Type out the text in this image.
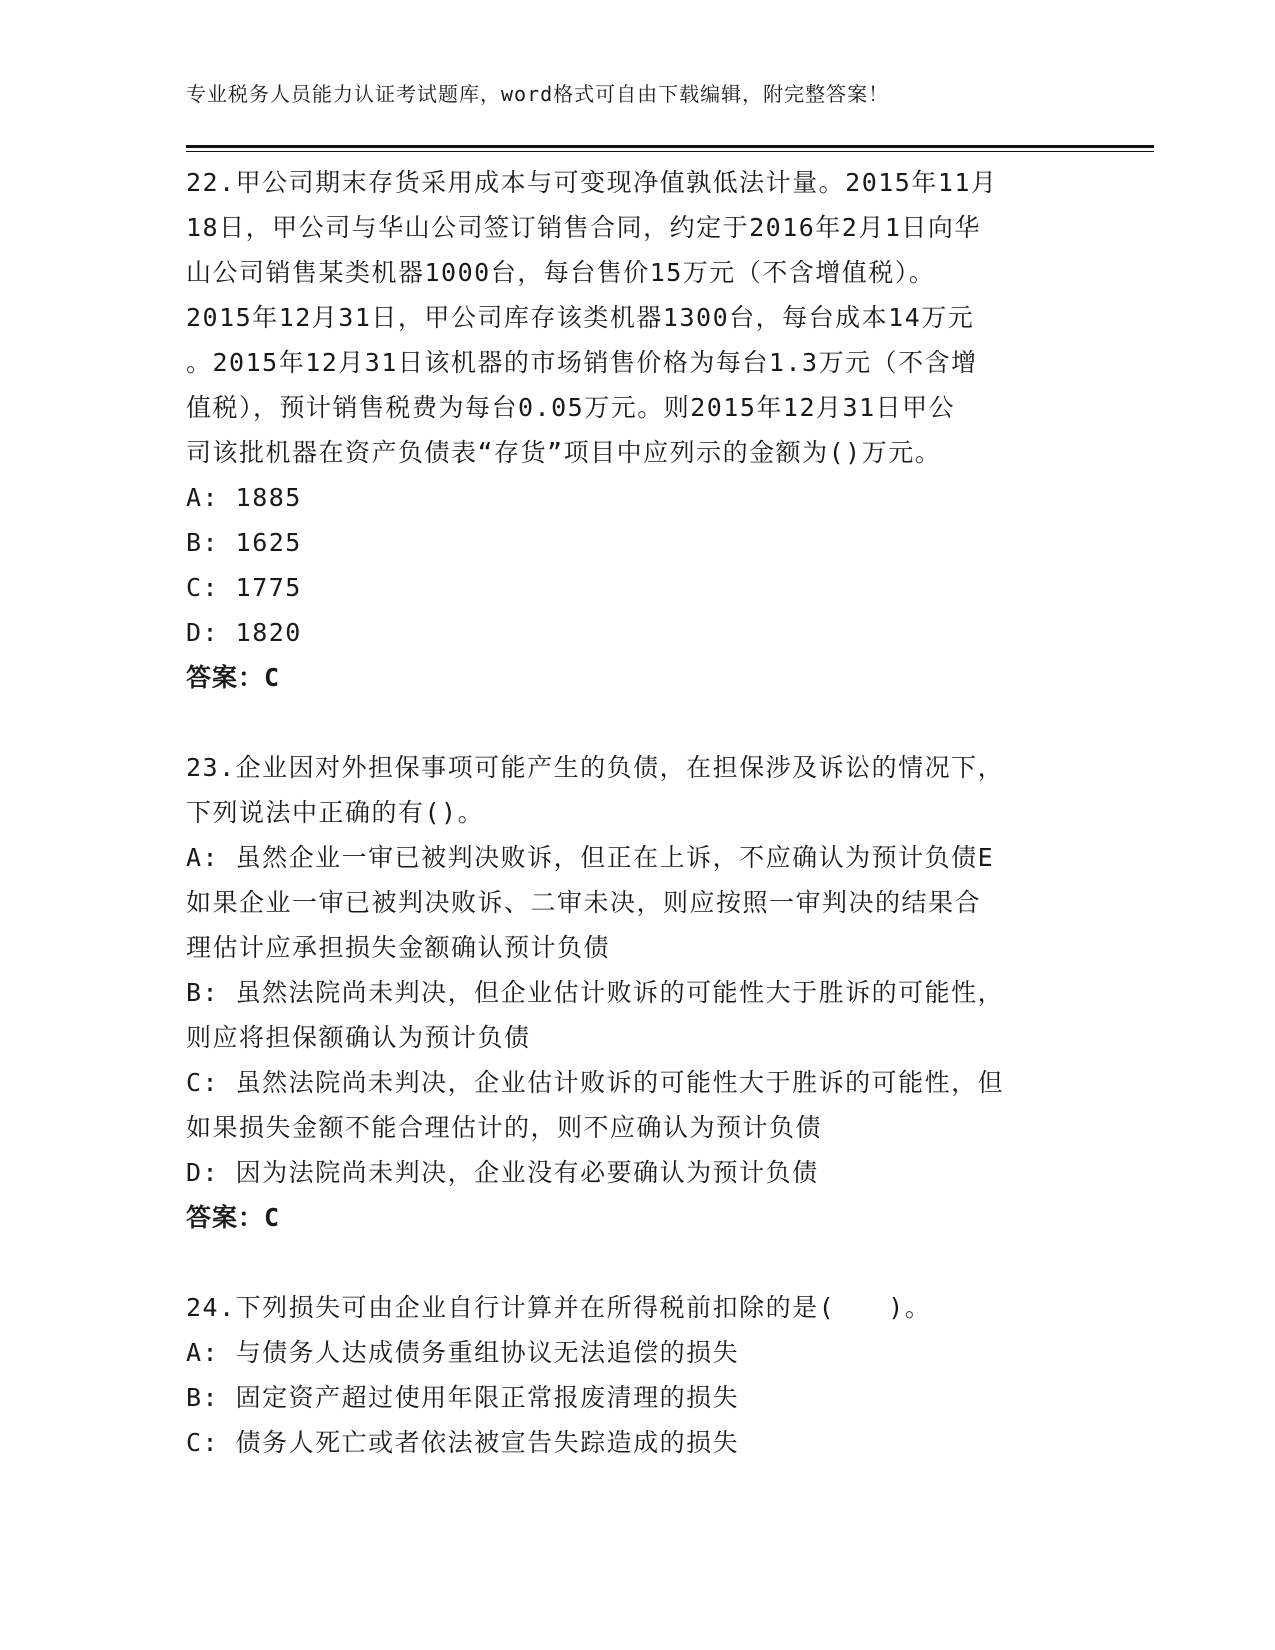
专业税务人员能力认证考试题库，word格式可自由下载编辑，附完整答案！
22.甲公司期末存货采用成本与可变现净值孰低法计量。2015年11月
18日，甲公司与华山公司签订销售合同，约定于2016年2月1日向华
山公司销售某类机器1000台，每台售价15万元（不含增值税）。
2015年12月31日，甲公司库存该类机器1300台，每台成本14万元
。2015年12月31日该机器的市场销售价格为每台1.3万元（不含增
值税），预计销售税费为每台0.05万元。则2015年12月31日甲公
司该批机器在资产负债表“存货”项目中应列示的金额为()万元。
A: 1885
B: 1625
C: 1775
D: 1820
答案：C
23.企业因对外担保事项可能产生的负债，在担保涉及诉讼的情况下，
下列说法中正确的有()。
A: 虽然企业一审已被判决败诉，但正在上诉，不应确认为预计负债E
如果企业一审已被判决败诉、二审未决，则应按照一审判决的结果合
理估计应承担损失金额确认预计负债
B: 虽然法院尚未判决，但企业估计败诉的可能性大于胜诉的可能性，
则应将担保额确认为预计负债
C: 虽然法院尚未判决，企业估计败诉的可能性大于胜诉的可能性，但
如果损失金额不能合理估计的，则不应确认为预计负债
D: 因为法院尚未判决，企业没有必要确认为预计负债
答案：C
24.下列损失可由企业自行计算并在所得税前扣除的是(　　)。
A: 与债务人达成债务重组协议无法追偿的损失
B: 固定资产超过使用年限正常报废清理的损失
C: 债务人死亡或者依法被宣告失踪造成的损失
